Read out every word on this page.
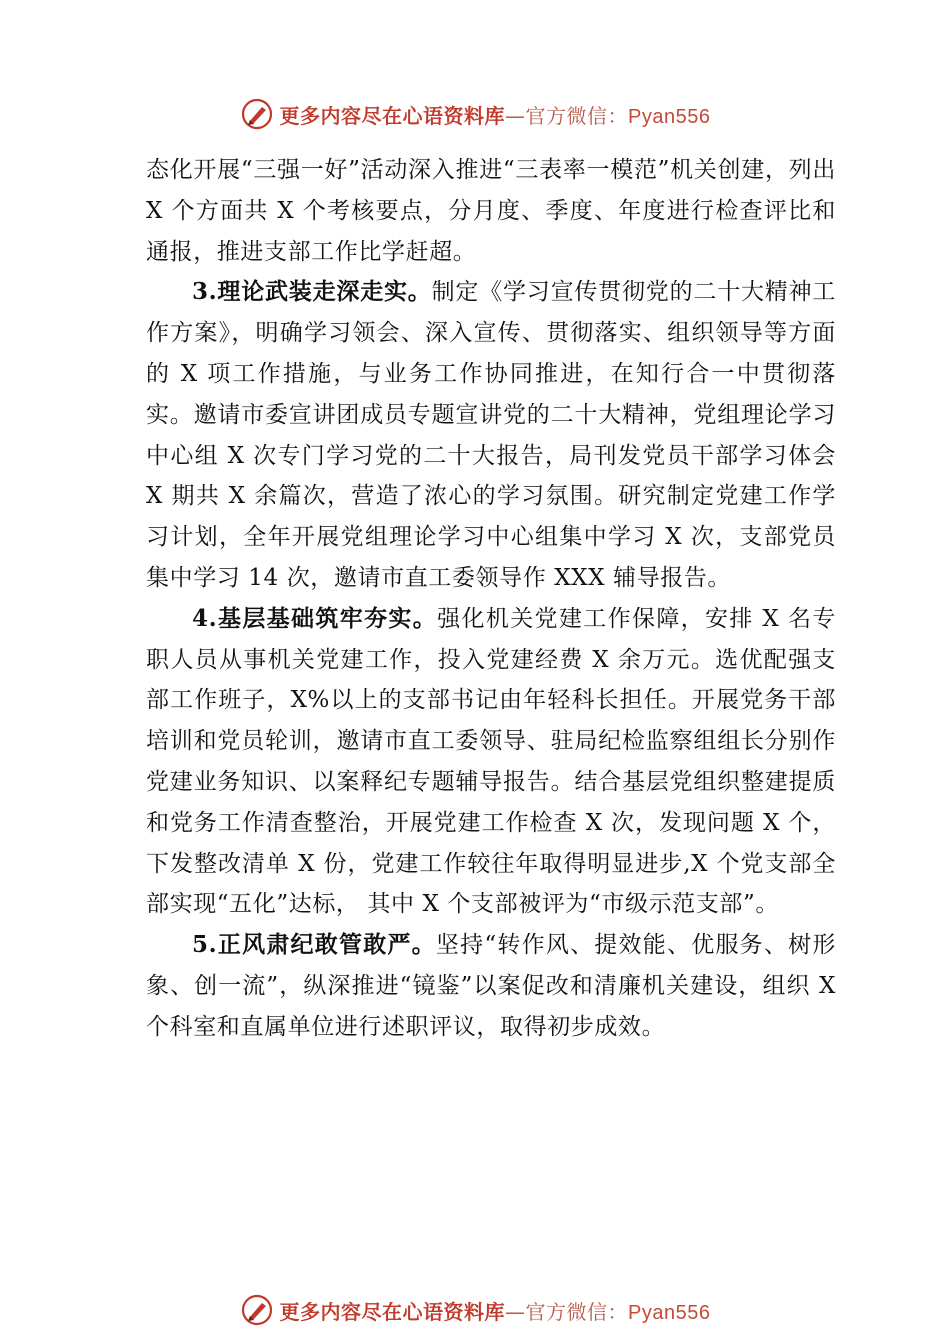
更多内容尽在心语资料库—官方微信：Pyan556

态化开展“三强一好”活动深入推进“三表率一模范”机关创建，列出 X 个方面共 X 个考核要点，分月度、季度、年度进行检查评比和通报，推进支部工作比学赶超。

3.理论武装走深走实。制定《学习宣传贯彻党的二十大精神工作方案》，明确学习领会、深入宣传、贯彻落实、组织领导等方面的 X 项工作措施，与业务工作协同推进，在知行合一中贯彻落实。邀请市委宣讲团成员专题宣讲党的二十大精神，党组理论学习中心组 X 次专门学习党的二十大报告，局刊发党员干部学习体会 X 期共 X 余篇次，营造了浓心的学习氛围。研究制定党建工作学习计划，全年开展党组理论学习中心组集中学习 X 次，支部党员集中学习 14 次，邀请市直工委领导作 XXX 辅导报告。

4.基层基础筑牢夯实。强化机关党建工作保障，安排 X 名专职人员从事机关党建工作，投入党建经费 X 余万元。选优配强支部工作班子，X%以上的支部书记由年轻科长担任。开展党务干部培训和党员轮训，邀请市直工委领导、驻局纪检监察组组长分别作党建业务知识、以案释纪专题辅导报告。结合基层党组织整建提质和党务工作清查整治，开展党建工作检查 X 次，发现问题 X 个，下发整改清单 X 份，党建工作较往年取得明显进步,X 个党支部全部实现“五化”达标， 其中 X 个支部被评为“市级示范支部”。

5.正风肃纪敢管敢严。坚持“转作风、提效能、优服务、树形象、创一流”，纵深推进“镜鉴”以案促改和清廉机关建设，组织 X 个科室和直属单位进行述职评议，取得初步成效。

更多内容尽在心语资料库—官方微信：Pyan556
